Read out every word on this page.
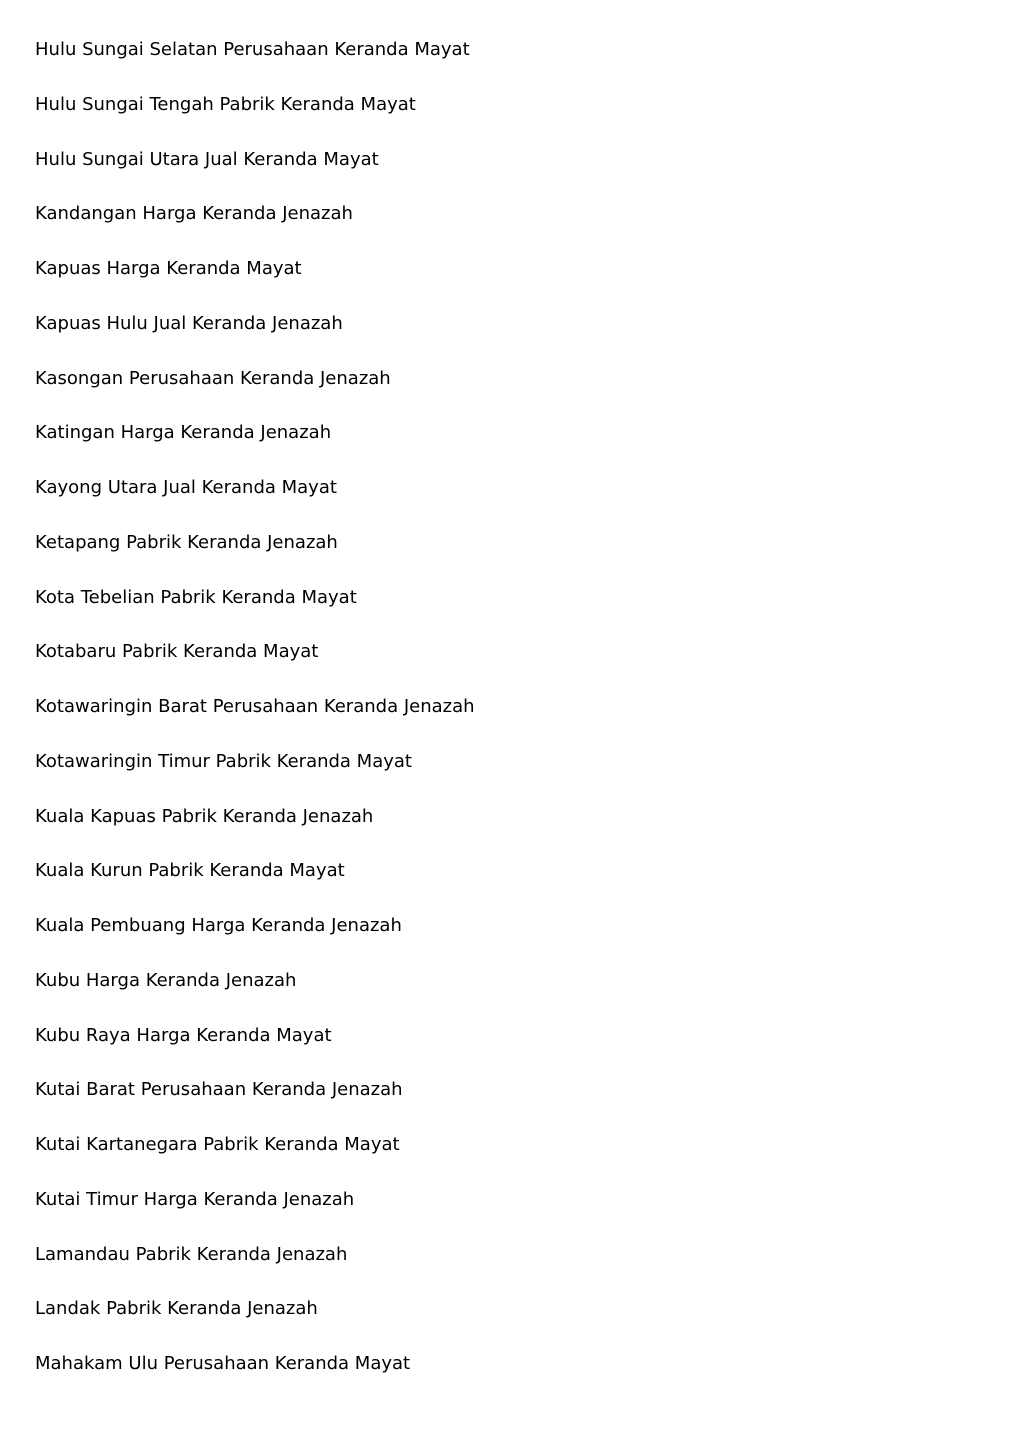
Hulu Sungai Selatan Perusahaan Keranda Mayat
Hulu Sungai Tengah Pabrik Keranda Mayat
Hulu Sungai Utara Jual Keranda Mayat
Kandangan Harga Keranda Jenazah
Kapuas Harga Keranda Mayat
Kapuas Hulu Jual Keranda Jenazah
Kasongan Perusahaan Keranda Jenazah
Katingan Harga Keranda Jenazah
Kayong Utara Jual Keranda Mayat
Ketapang Pabrik Keranda Jenazah
Kota Tebelian Pabrik Keranda Mayat
Kotabaru Pabrik Keranda Mayat
Kotawaringin Barat Perusahaan Keranda Jenazah
Kotawaringin Timur Pabrik Keranda Mayat
Kuala Kapuas Pabrik Keranda Jenazah
Kuala Kurun Pabrik Keranda Mayat
Kuala Pembuang Harga Keranda Jenazah
Kubu Harga Keranda Jenazah
Kubu Raya Harga Keranda Mayat
Kutai Barat Perusahaan Keranda Jenazah
Kutai Kartanegara Pabrik Keranda Mayat
Kutai Timur Harga Keranda Jenazah
Lamandau Pabrik Keranda Jenazah
Landak Pabrik Keranda Jenazah
Mahakam Ulu Perusahaan Keranda Mayat
